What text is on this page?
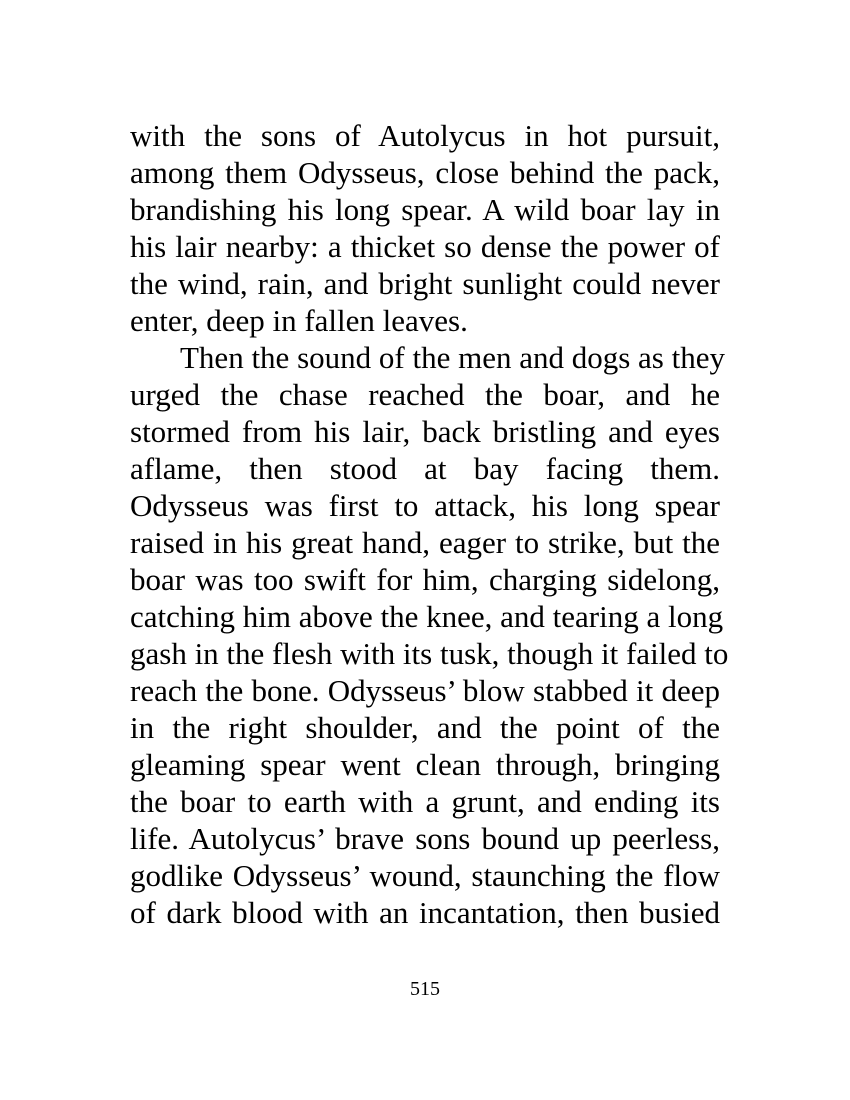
with the sons of Autolycus in hot pursuit,
among them Odysseus, close behind the pack,
brandishing his long spear. A wild boar lay in
his lair nearby: a thicket so dense the power of
the wind, rain, and bright sunlight could never
enter, deep in fallen leaves.
Then the sound of the men and dogs as they
urged the chase reached the boar, and he
stormed from his lair, back bristling and eyes
aflame, then stood at bay facing them.
Odysseus was first to attack, his long spear
raised in his great hand, eager to strike, but the
boar was too swift for him, charging sidelong,
catching him above the knee, and tearing a long
gash in the flesh with its tusk, though it failed to
reach the bone. Odysseus’ blow stabbed it deep
in the right shoulder, and the point of the
gleaming spear went clean through, bringing
the boar to earth with a grunt, and ending its
life. Autolycus’ brave sons bound up peerless,
godlike Odysseus’ wound, staunching the flow
of dark blood with an incantation, then busied
515
